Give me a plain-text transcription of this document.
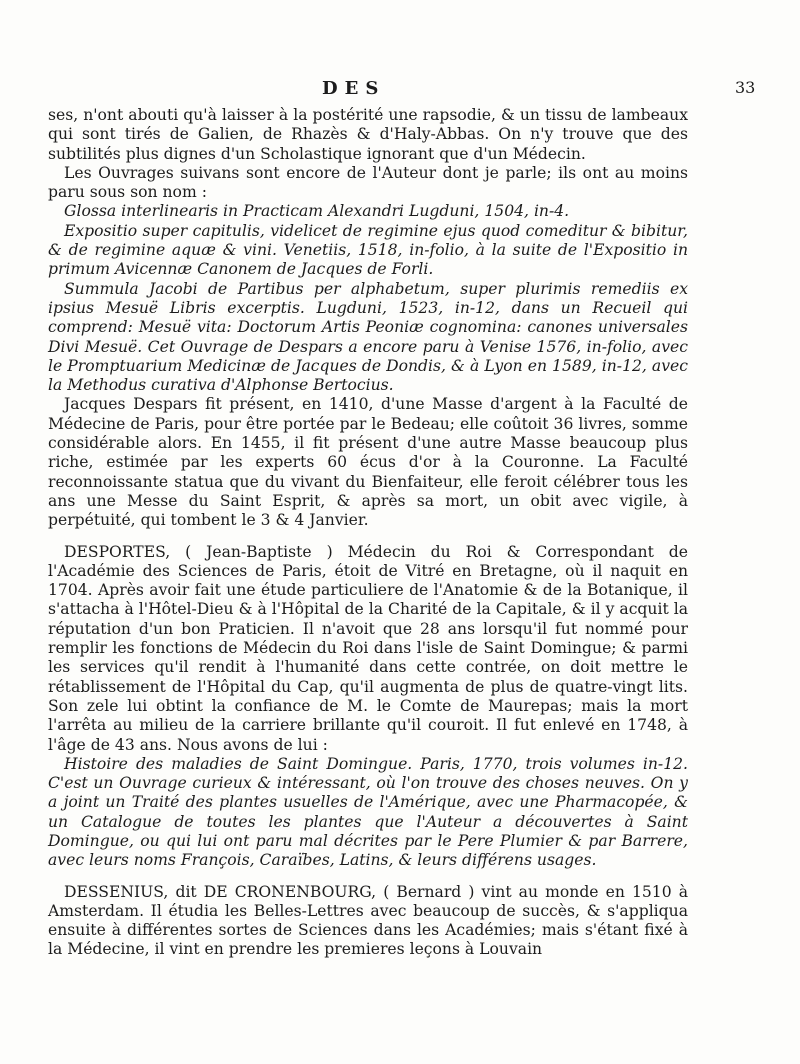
DES	33

ses, n'ont abouti qu'à laisser à la postérité une rapsodie, & un tissu de lambeaux qui sont tirés de Galien, de Rhazès & d'Haly-Abbas. On n'y trouve que des subtilités plus dignes d'un Scholastique ignorant que d'un Médecin.

Les Ouvrages suivans sont encore de l'Auteur dont je parle; ils ont au moins paru sous son nom :

Glossa interlinearis in Practicam Alexandri Lugduni, 1504, in-4.

Expositio super capitulis, videlicet de regimine ejus quod comeditur & bibitur, & de regimine aquæ & vini. Venetiis, 1518, in-folio, à la suite de l'Expositio in primum Avicennæ Canonem de Jacques de Forli.

Summula Jacobi de Partibus per alphabetum, super plurimis remediis ex ipsius Mesuë Libris excerptis. Lugduni, 1523, in-12, dans un Recueil qui comprend: Mesuë vita: Doctorum Artis Peoniæ cognomina: canones universales Divi Mesuë. Cet Ouvrage de Despars a encore paru à Venise 1576, in-folio, avec le Promptuarium Medicinæ de Jacques de Dondis, & à Lyon en 1589, in-12, avec la Methodus curativa d'Alphonse Bertocius.

Jacques Despars fit présent, en 1410, d'une Masse d'argent à la Faculté de Médecine de Paris, pour être portée par le Bedeau; elle coûtoit 36 livres, somme considérable alors. En 1455, il fit présent d'une autre Masse beaucoup plus riche, estimée par les experts 60 écus d'or à la Couronne. La Faculté reconnoissante statua que du vivant du Bienfaiteur, elle feroit célébrer tous les ans une Messe du Saint Esprit, & après sa mort, un obit avec vigile, à perpétuité, qui tombent le 3 & 4 Janvier.

DESPORTES, ( Jean-Baptiste ) Médecin du Roi & Correspondant de l'Académie des Sciences de Paris, étoit de Vitré en Bretagne, où il naquit en 1704. Après avoir fait une étude particuliere de l'Anatomie & de la Botanique, il s'attacha à l'Hôtel-Dieu & à l'Hôpital de la Charité de la Capitale, & il y acquit la réputation d'un bon Praticien. Il n'avoit que 28 ans lorsqu'il fut nommé pour remplir les fonctions de Médecin du Roi dans l'isle de Saint Domingue; & parmi les services qu'il rendit à l'humanité dans cette contrée, on doit mettre le rétablissement de l'Hôpital du Cap, qu'il augmenta de plus de quatre-vingt lits. Son zele lui obtint la confiance de M. le Comte de Maurepas; mais la mort l'arrêta au milieu de la carriere brillante qu'il couroit. Il fut enlevé en 1748, à l'âge de 43 ans. Nous avons de lui :

Histoire des maladies de Saint Domingue. Paris, 1770, trois volumes in-12. C'est un Ouvrage curieux & intéressant, où l'on trouve des choses neuves. On y a joint un Traité des plantes usuelles de l'Amérique, avec une Pharmacopée, & un Catalogue de toutes les plantes que l'Auteur a découvertes à Saint Domingue, ou qui lui ont paru mal décrites par le Pere Plumier & par Barrere, avec leurs noms François, Caraïbes, Latins, & leurs différens usages.

DESSENIUS, dit DE CRONENBOURG, ( Bernard ) vint au monde en 1510 à Amsterdam. Il étudia les Belles-Lettres avec beaucoup de succès, & s'appliqua ensuite à différentes sortes de Sciences dans les Académies; mais s'étant fixé à la Médecine, il vint en prendre les premieres leçons à Louvain
